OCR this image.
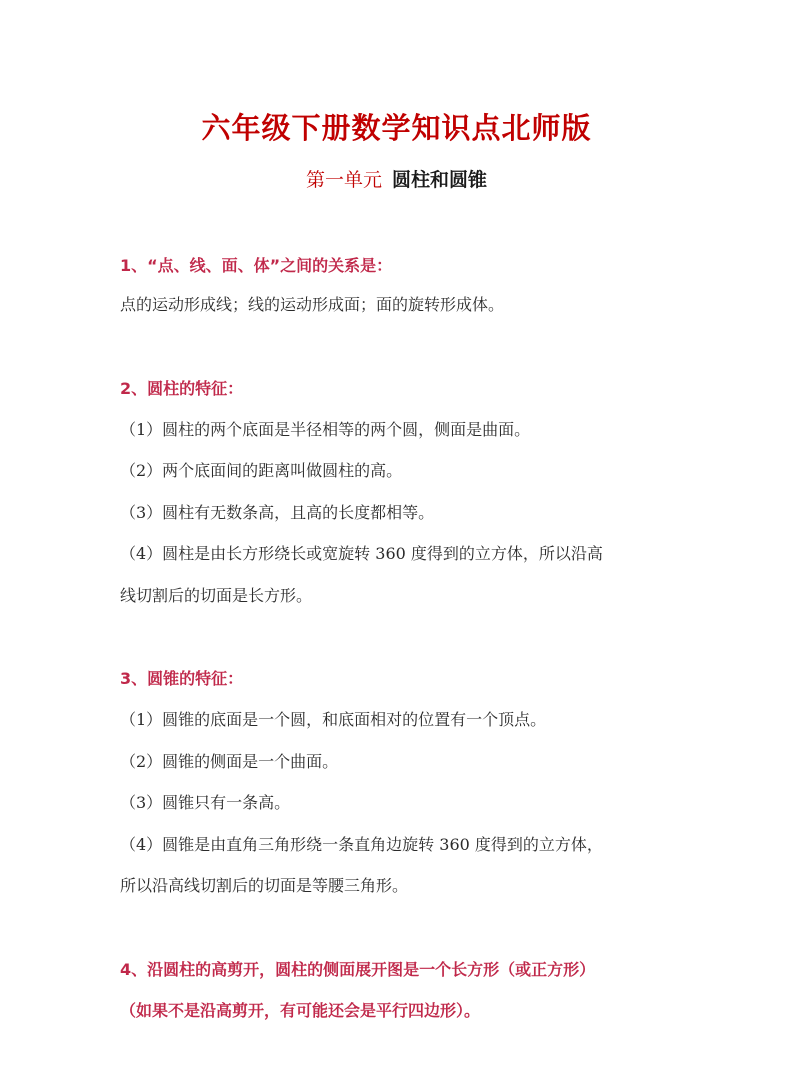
六年级下册数学知识点北师版
第一单元 圆柱和圆锥
1、“点、线、面、体”之间的关系是：
点的运动形成线；线的运动形成面；面的旋转形成体。
2、圆柱的特征：
（1）圆柱的两个底面是半径相等的两个圆，侧面是曲面。
（2）两个底面间的距离叫做圆柱的高。
（3）圆柱有无数条高，且高的长度都相等。
（4）圆柱是由长方形绕长或宽旋转 360 度得到的立方体，所以沿高
线切割后的切面是长方形。
3、圆锥的特征：
（1）圆锥的底面是一个圆，和底面相对的位置有一个顶点。
（2）圆锥的侧面是一个曲面。
（3）圆锥只有一条高。
（4）圆锥是由直角三角形绕一条直角边旋转 360 度得到的立方体，
所以沿高线切割后的切面是等腰三角形。
4、沿圆柱的高剪开，圆柱的侧面展开图是一个长方形（或正方形）
（如果不是沿高剪开，有可能还会是平行四边形）。
